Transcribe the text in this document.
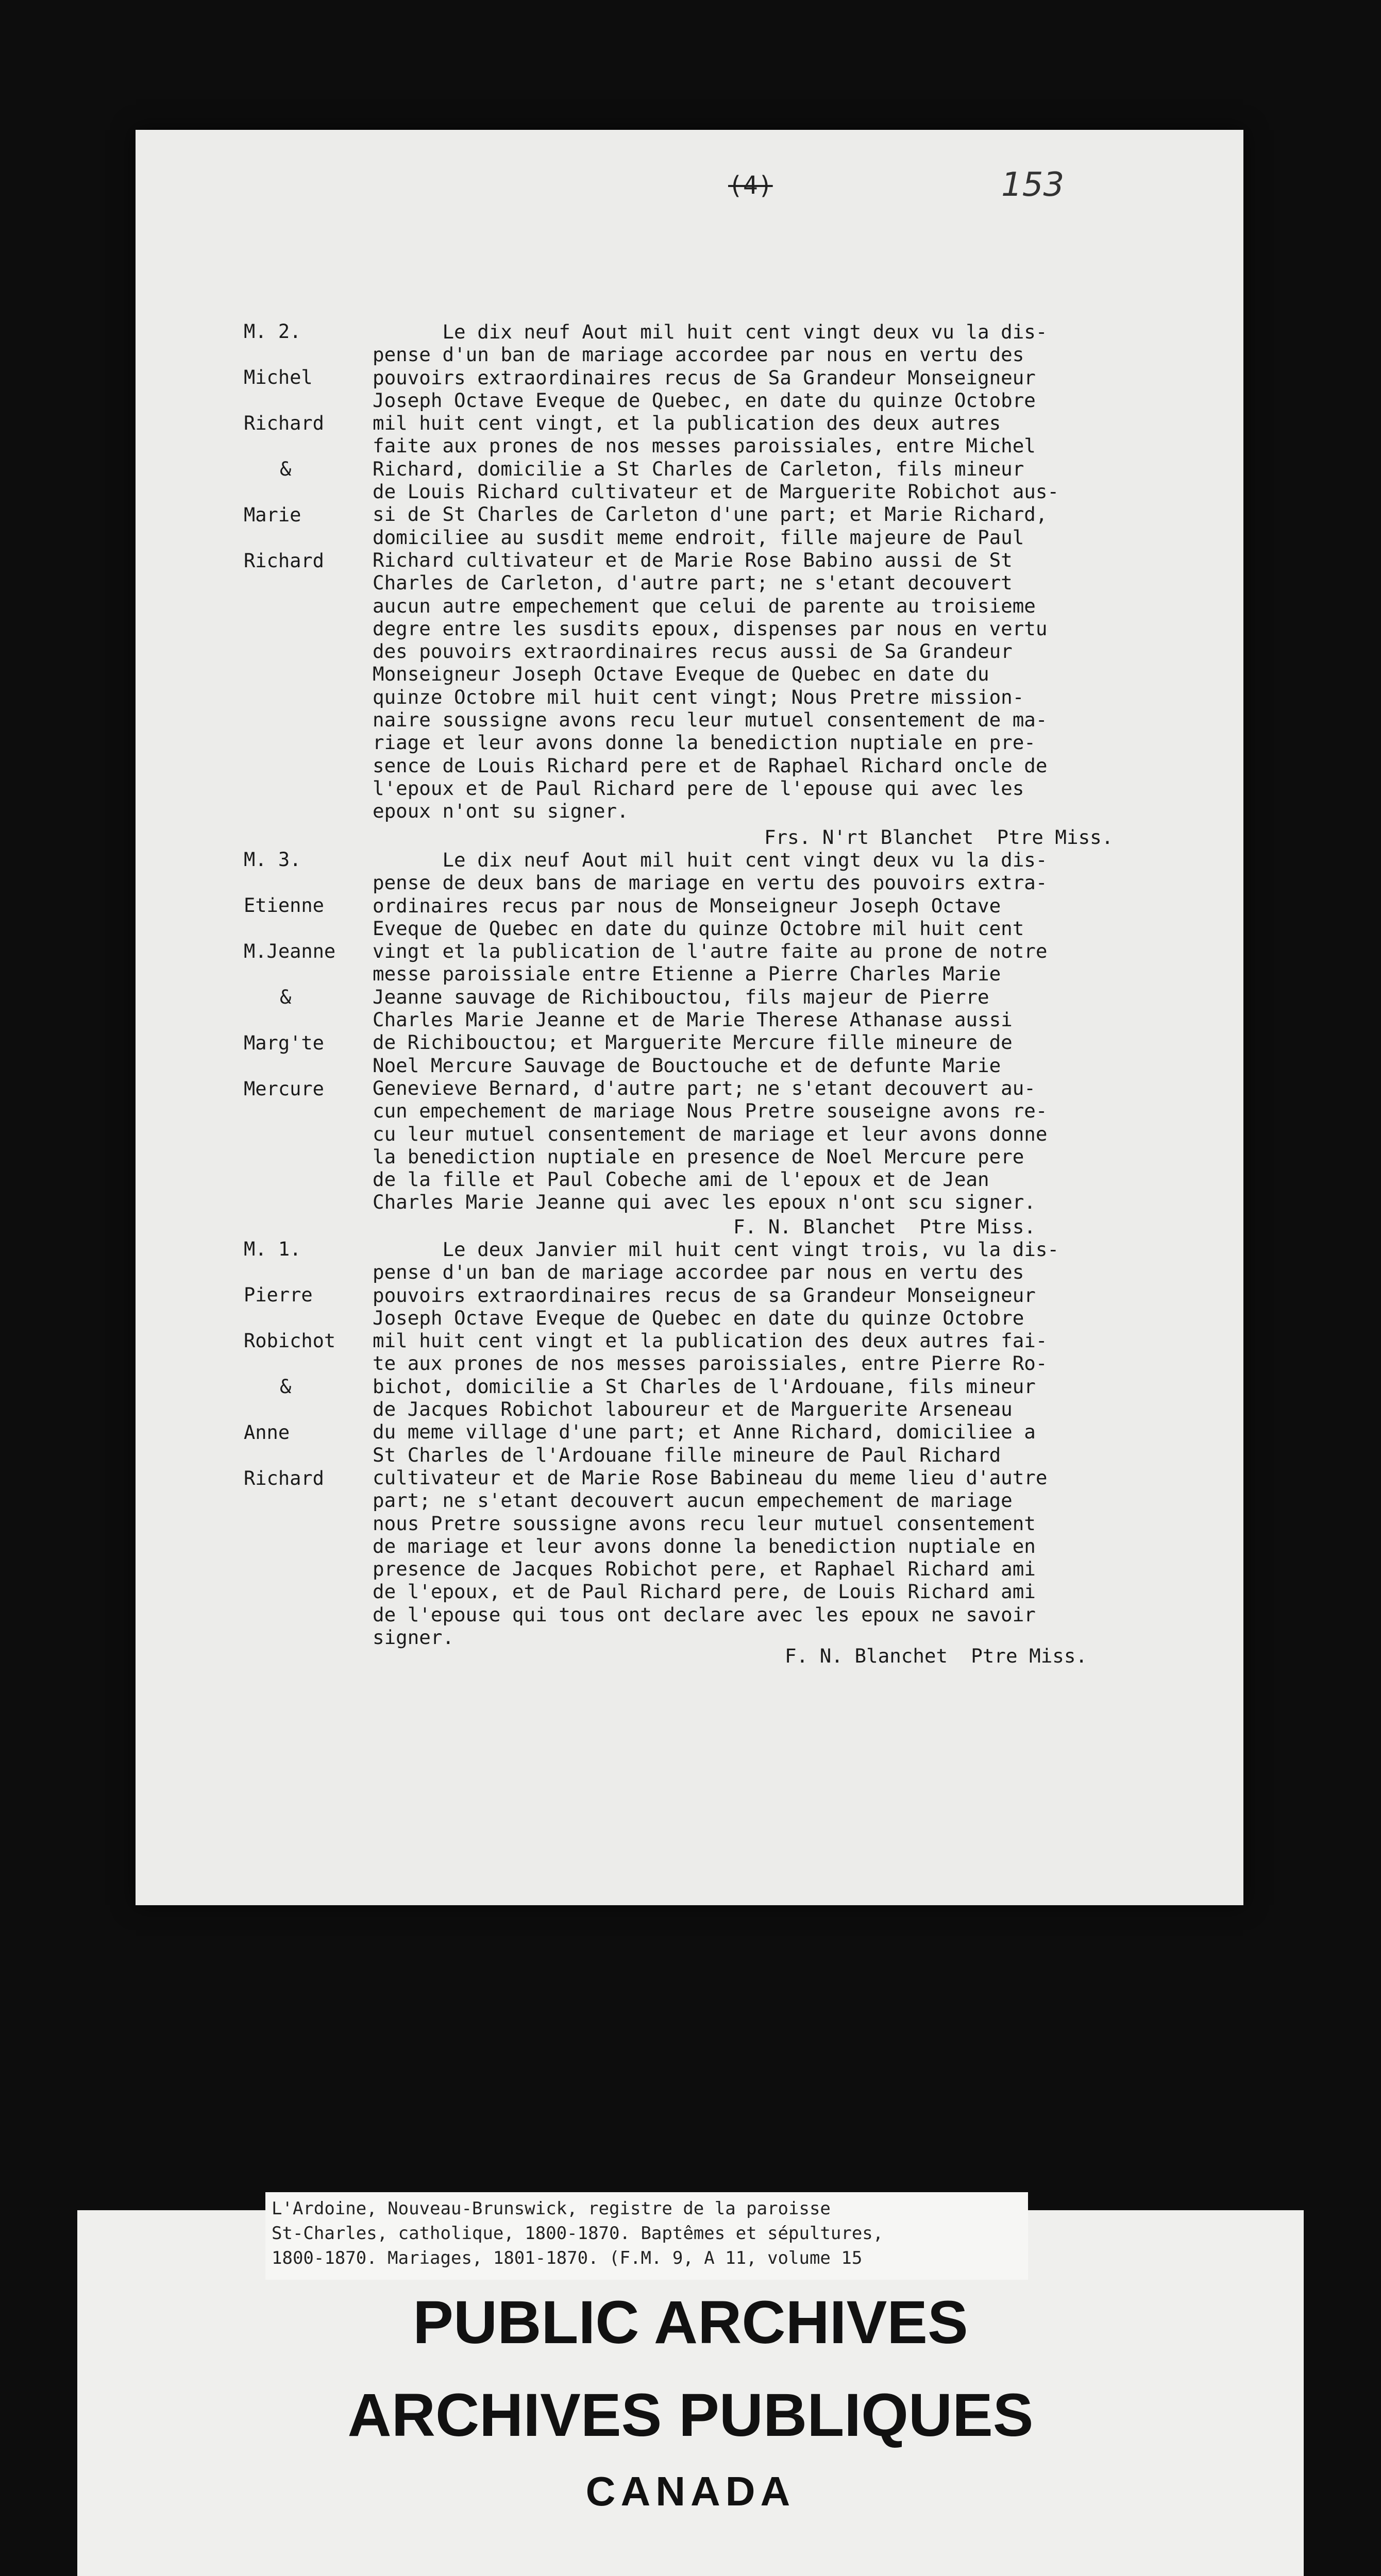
(4)	153
M. 2.
Michel
Richard
&
Marie
Richard
Le dix neuf Aout mil huit cent vingt deux vu la dis-
pense d'un ban de mariage accordee par nous en vertu des
pouvoirs extraordinaires recus de Sa Grandeur Monseigneur
Joseph Octave Eveque de Quebec, en date du quinze Octobre
mil huit cent vingt, et la publication des deux autres
faite aux prones de nos messes paroissiales, entre Michel
Richard, domicilie a St Charles de Carleton, fils mineur
de Louis Richard cultivateur et de Marguerite Robichot aus-
si de St Charles de Carleton d'une part; et Marie Richard,
domiciliee au susdit meme endroit, fille majeure de Paul
Richard cultivateur et de Marie Rose Babino aussi de St
Charles de Carleton, d'autre part; ne s'etant decouvert
aucun autre empechement que celui de parente au troisieme
degre entre les susdits epoux, dispenses par nous en vertu
des pouvoirs extraordinaires recus aussi de Sa Grandeur
Monseigneur Joseph Octave Eveque de Quebec en date du
quinze Octobre mil huit cent vingt; Nous Pretre mission-
naire soussigne avons recu leur mutuel consentement de ma-
riage et leur avons donne la benediction nuptiale en pre-
sence de Louis Richard pere et de Raphael Richard oncle de
l'epoux et de Paul Richard pere de l'epouse qui avec les
epoux n'ont su signer.
Frs. N'rt Blanchet  Ptre Miss.
M. 3.
Etienne
M.Jeanne
&
Marg'te
Mercure
Le dix neuf Aout mil huit cent vingt deux vu la dis-
pense de deux bans de mariage en vertu des pouvoirs extra-
ordinaires recus par nous de Monseigneur Joseph Octave
Eveque de Quebec en date du quinze Octobre mil huit cent
vingt et la publication de l'autre faite au prone de notre
messe paroissiale entre Etienne a Pierre Charles Marie
Jeanne sauvage de Richibouctou, fils majeur de Pierre
Charles Marie Jeanne et de Marie Therese Athanase aussi
de Richibouctou; et Marguerite Mercure fille mineure de
Noel Mercure Sauvage de Bouctouche et de defunte Marie
Genevieve Bernard, d'autre part; ne s'etant decouvert au-
cun empechement de mariage Nous Pretre souseigne avons re-
cu leur mutuel consentement de mariage et leur avons donne
la benediction nuptiale en presence de Noel Mercure pere
de la fille et Paul Cobeche ami de l'epoux et de Jean
Charles Marie Jeanne qui avec les epoux n'ont scu signer.
F. N. Blanchet  Ptre Miss.
M. 1.
Pierre
Robichot
&
Anne
Richard
Le deux Janvier mil huit cent vingt trois, vu la dis-
pense d'un ban de mariage accordee par nous en vertu des
pouvoirs extraordinaires recus de sa Grandeur Monseigneur
Joseph Octave Eveque de Quebec en date du quinze Octobre
mil huit cent vingt et la publication des deux autres fai-
te aux prones de nos messes paroissiales, entre Pierre Ro-
bichot, domicilie a St Charles de l'Ardouane, fils mineur
de Jacques Robichot laboureur et de Marguerite Arseneau
du meme village d'une part; et Anne Richard, domiciliee a
St Charles de l'Ardouane fille mineure de Paul Richard
cultivateur et de Marie Rose Babineau du meme lieu d'autre
part; ne s'etant decouvert aucun empechement de mariage
nous Pretre soussigne avons recu leur mutuel consentement
de mariage et leur avons donne la benediction nuptiale en
presence de Jacques Robichot pere, et Raphael Richard ami
de l'epoux, et de Paul Richard pere, de Louis Richard ami
de l'epouse qui tous ont declare avec les epoux ne savoir
signer.
F. N. Blanchet  Ptre Miss.
PUBLIC ARCHIVES
ARCHIVES PUBLIQUES
CANADA
L'Ardoine, Nouveau-Brunswick, registre de la paroisse
St-Charles, catholique, 1800-1870. Baptêmes et sépultures,
1800-1870. Mariages, 1801-1870. (F.M. 9, A 11, volume 15
